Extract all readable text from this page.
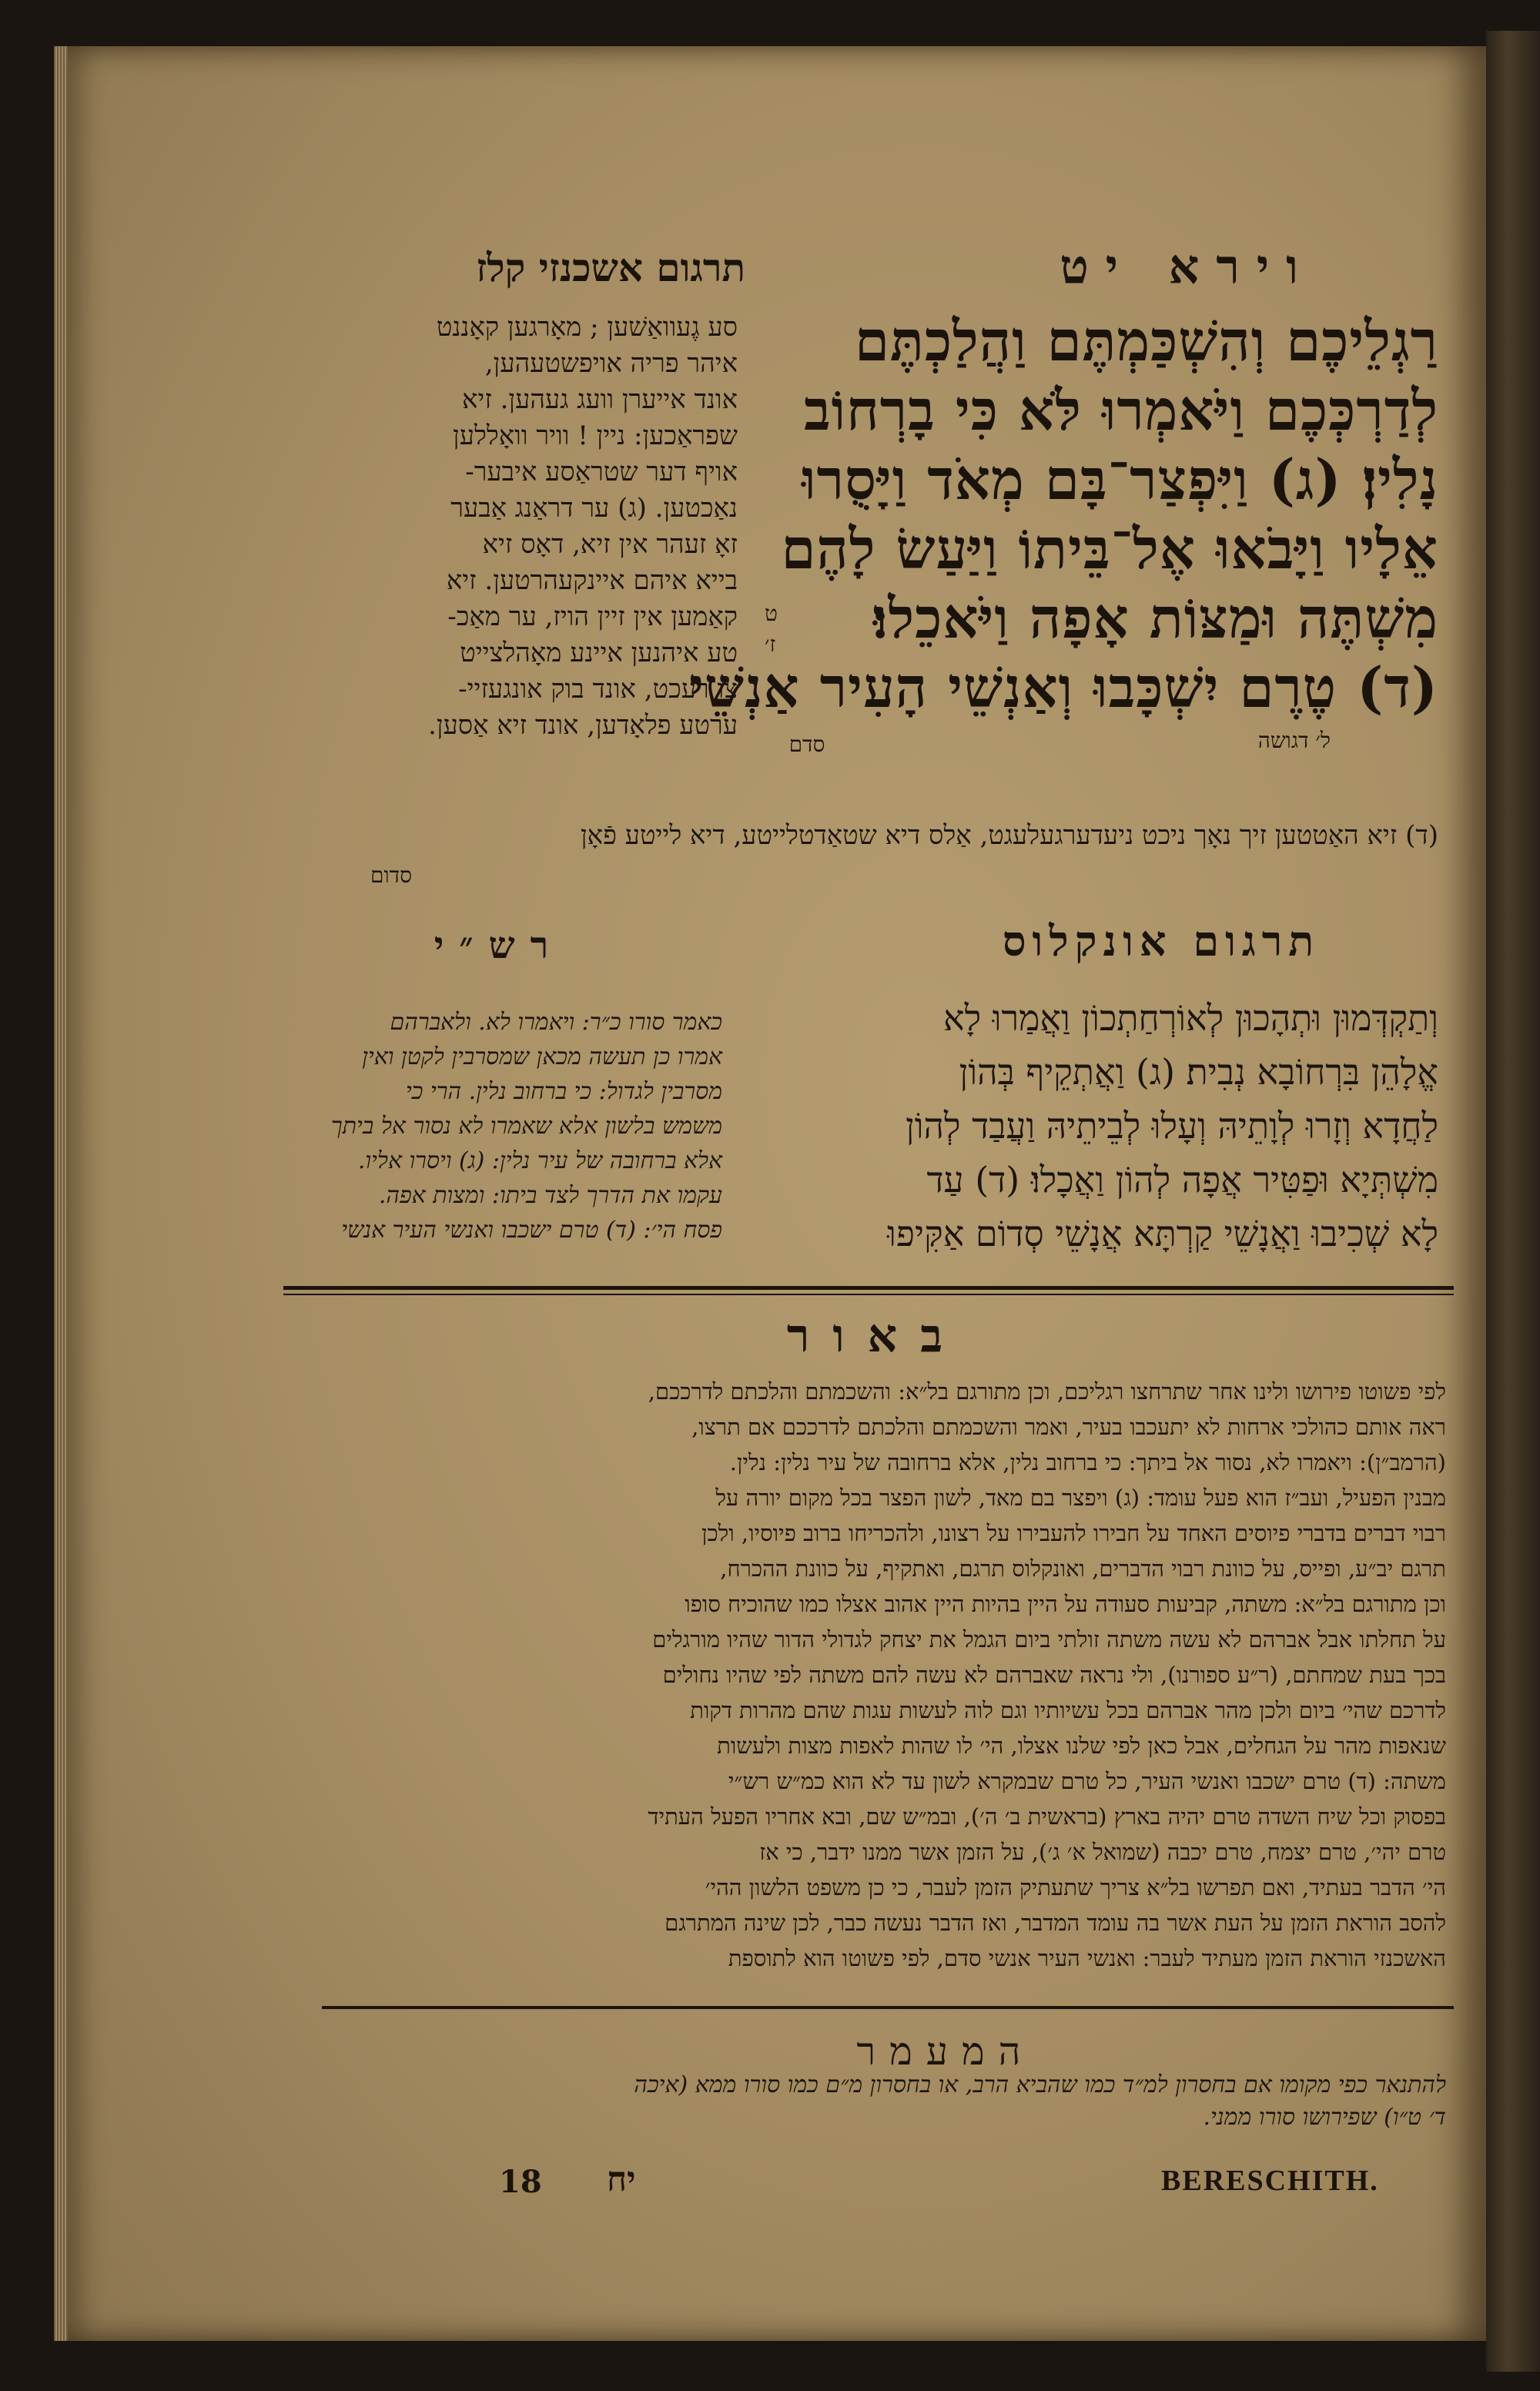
וירא יט
תרגום אשכנזי קלז
רַגְלֵיכֶם וְהִשְׁכַּמְתֶּם וַהֲלַכְתֶּם
לְדַרְכְּכֶם וַיֹּאמְרוּ לֹּא כִּי בָרְחוֹב
נָלִין׃ (ג) וַיִּפְצַר־בָּם מְאֹד וַיָּסֻרוּ
אֵלָיו וַיָּבֹאוּ אֶל־בֵּיתוֹ וַיַּעַשׂ לָהֶם
מִשְׁתֶּה וּמַצּוֹת אָפָה וַיֹּאכֵלוּ׃
(ד) טֶרֶם יִשְׁכָּבוּ וְאַנְשֵׁי הָעִיר אַנְשֵׁי
ל׳ דגושה
סדם
ט
ז׳
סע גֶעוואַשׁען ; מאָרגען קאָננט
איהר פריה אויפשטעהען,
אונד אייערן וועג געהען. זיא
שפראַכען: ניין ! וויר וואָללען
אויף דער שטראַסע איבער-
נאַכטען. (ג) ער דראַנג אַבער
זאָ זעהר אין זיא, דאָס זיא
בייא איהם איינקעהרטען. זיא
קאַמען אין זיין הויז, ער מאַכ-
טע איהנען איינע מאָהלצייט
צו רעכט, אונד בוק אונגעזיי-
ערטע פלאָדען, אונד זיא אַסען.
(ד) זיא האַטטען זיך נאָך ניכט ניעדערגעלעגט, אַלס דיא שטאַדטלייטע, דיא לייטע פֿאָן
סדום
תרגום אונקלוס
וְתַקְדְּמוּן וּתְהָכוּן לְאוֹרְחַתְכוֹן וַאֲמַרוּ לָא
אֱלָהֵן בִּרְחוֹבָא נְבִית׃ (ג) וַאֲתְקֵיף בְּהוֹן
לַחֲדָא וְזָרוּ לְוָתֵיהּ וְעָלוּ לְבֵיתֵיהּ וַעֲבַד לְהוֹן
מִשְׁתְּיָא וּפַטִּיר אֲפָה לְהוֹן וַאֲכָלוּ׃ (ד) עַד
לָא שְׁכִיבוּ וַאֲנָשֵׁי קַרְתָּא אֲנָשֵׁי סְדוֹם אַקִּיפוּ
רש״י
כאמר סורו כ״ר: ויאמרו לא. ולאברהם
אמרו כן תעשה מכאן שמסרבין לקטן ואין
מסרבין לגדול: כי ברחוב נלין. הרי כי
משמש בלשון אלא שאמרו לא נסור אל ביתך
אלא ברחובה של עיר נלין: (ג) ויסרו אליו.
עקמו את הדרך לצד ביתו: ומצות אפה.
פסח הי׳: (ד) טרם ישכבו ואנשי העיר אנשי
באור
לפי פשוטו פירושו ולינו אחר שתרחצו רגליכם, וכן מתורגם בל״א: והשכמתם והלכתם לדרככם,
ראה אותם כהולכי ארחות לא יתעכבו בעיר, ואמר והשכמתם והלכתם לדרככם אם תרצו,
(הרמב״ן): ויאמרו לא, נסור אל ביתך: כי ברחוב נלין, אלא ברחובה של עיר נלין: נלין.
מבנין הפעיל, ועב״ז הוא פעל עומד: (ג) ויפצר בם מאד, לשון הפצר בכל מקום יורה על
רבוי דברים בדברי פיוסים האחד על חבירו להעבירו על רצונו, ולהכריחו ברוב פיוסיו, ולכן
תרגם יב״ע, ופייס, על כוונת רבוי הדברים, ואונקלוס תרגם, ואתקיף, על כוונת ההכרח,
וכן מתורגם בל״א: משתה, קביעות סעודה על היין בהיות היין אהוב אצלו כמו שהוכיח סופו
על תחלתו אבל אברהם לא עשה משתה זולתי ביום הגמל את יצחק לגדולי הדור שהיו מורגלים
בכך בעת שמחתם, (ר״ע ספורנו), ולי נראה שאברהם לא עשה להם משתה לפי שהיו נחולים
לדרכם שהי׳ ביום ולכן מהר אברהם בכל עשיותיו וגם לוה לעשות עגות שהם מהרות דקות
שנאפות מהר על הגחלים, אבל כאן לפי שלנו אצלו, הי׳ לו שהות לאפות מצות ולעשות
משתה: (ד) טרם ישכבו ואנשי העיר, כל טרם שבמקרא לשון עד לא הוא כמ״ש רש״י
בפסוק וכל שיח השדה טרם יהיה בארץ (בראשית ב׳ ה׳), ובמ״ש שם, ובא אחריו הפעל העתיד
טרם יהי׳, טרם יצמח, טרם יכבה (שמואל א׳ ג׳), על הזמן אשר ממנו ידבר, כי אז
הי׳ הדבר בעתיד, ואם תפרשו בל״א צריך שתעתיק הזמן לעבר, כי כן משפט הלשון ההי׳
להסב הוראת הזמן על העת אשר בה עומד המדבר, ואז הדבר נעשה כבר, לכן שינה המתרגם
האשכנזי הוראת הזמן מעתיד לעבר: ואנשי העיר אנשי סדם, לפי פשוטו הוא לתוספת
המעמר
להתנאר כפי מקומו אם בחסרון למ״ד כמו שהביא הרב, או בחסרון מ״ם כמו סורו ממא (איכה
ד׳ ט״ו) שפירושו סורו ממני.
18 יח	BERESCHITH.
